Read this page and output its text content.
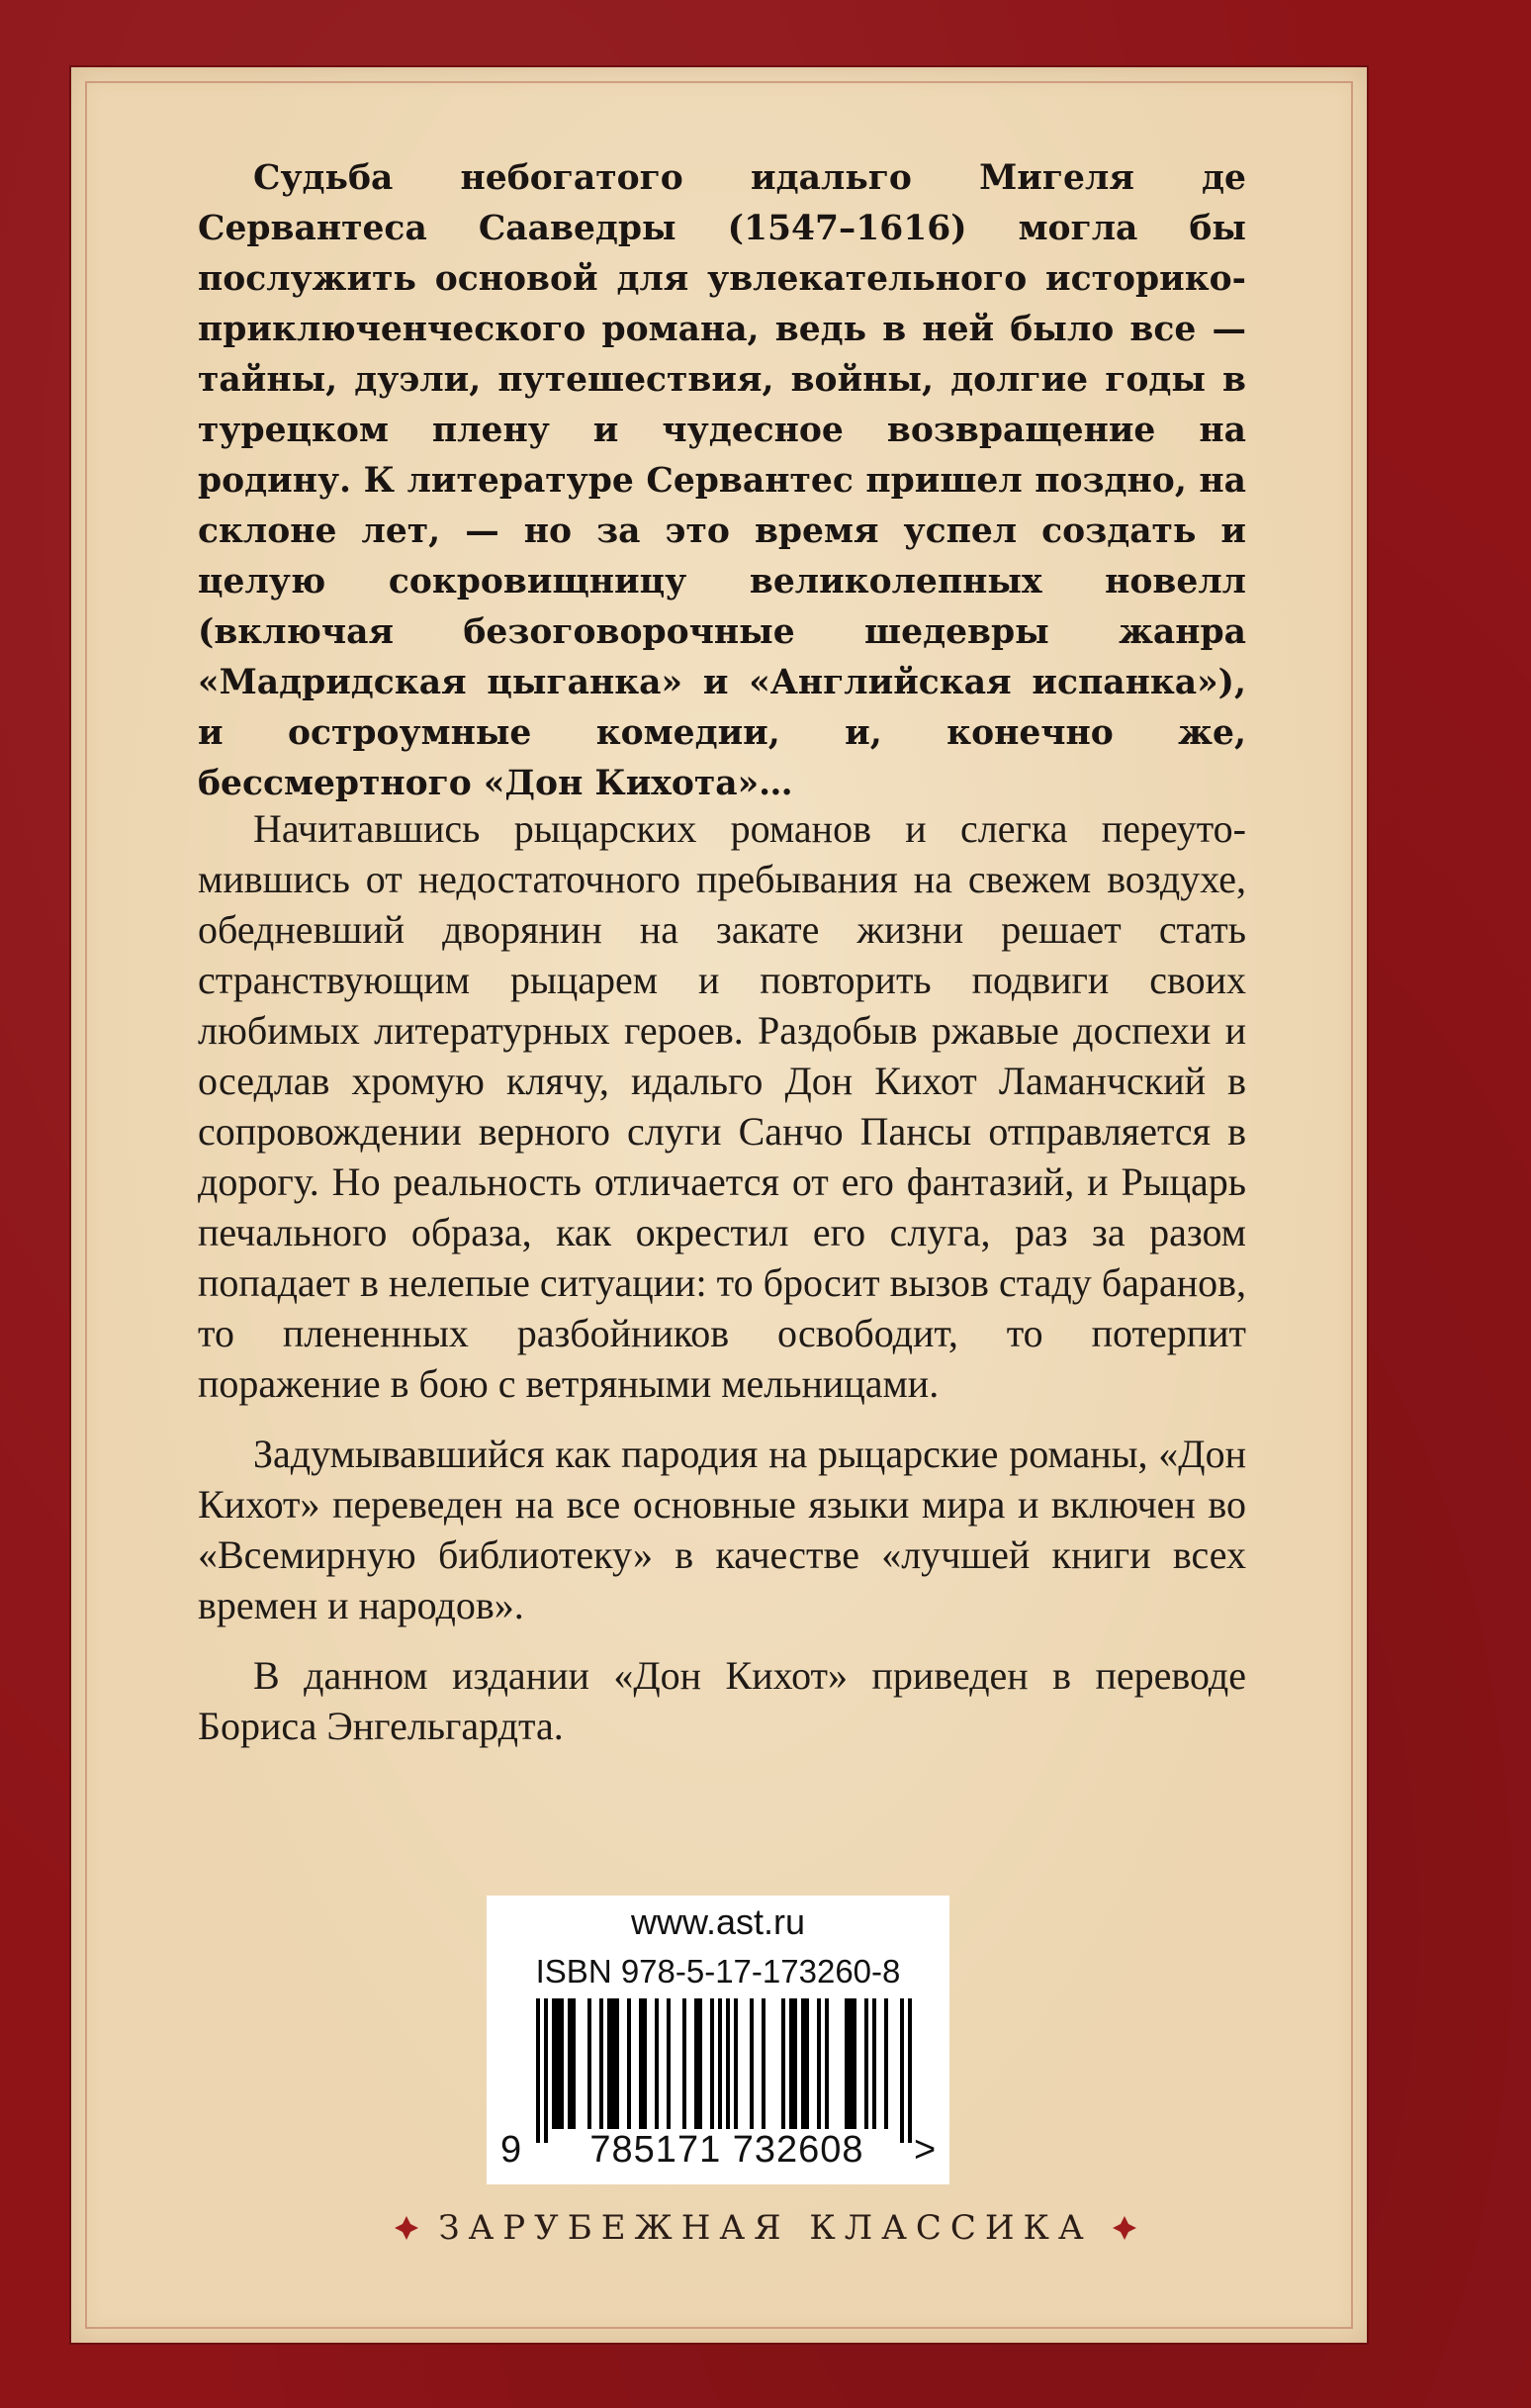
Судьба небогатого идальго Мигеля де Сервантеса Сааведры (1547–1616) могла бы послужить основой для увлекательного историко-приключенческого романа, ведь в ней было все — тайны, дуэли, путешествия, войны, долгие годы в турецком плену и чудесное возвращение на родину. К литературе Сервантес пришел поздно, на склоне лет, — но за это время успел создать и целую сокровищницу великолепных новелл (включая безоговорочные шедевры жанра «Мадридская цыганка» и «Английская испанка»), и остроумные комедии, и, конечно же, бессмертного «Дон Кихота»…

Начитавшись рыцарских романов и слегка переутомившись от недостаточного пребывания на свежем воздухе, обедневший дворянин на закате жизни решает стать странствующим рыцарем и повторить подвиги своих любимых литературных героев. Раздобыв ржавые доспехи и оседлав хромую клячу, идальго Дон Кихот Ламанчский в сопровождении верного слуги Санчо Пансы отправляется в дорогу. Но реальность отличается от его фантазий, и Рыцарь печального образа, как окрестил его слуга, раз за разом попадает в нелепые ситуации: то бросит вызов стаду баранов, то плененных разбойников освободит, то потерпит поражение в бою с ветряными мельницами.

Задумывавшийся как пародия на рыцарские романы, «Дон Кихот» переведен на все основные языки мира и включен во «Всемирную библиотеку» в качестве «лучшей книги всех времен и народов».

В данном издании «Дон Кихот» приведен в переводе Бориса Энгельгардта.

www.ast.ru
ISBN 978-5-17-173260-8
9	785171 732608	>
ЗАРУБЕЖНАЯ КЛАССИКА
